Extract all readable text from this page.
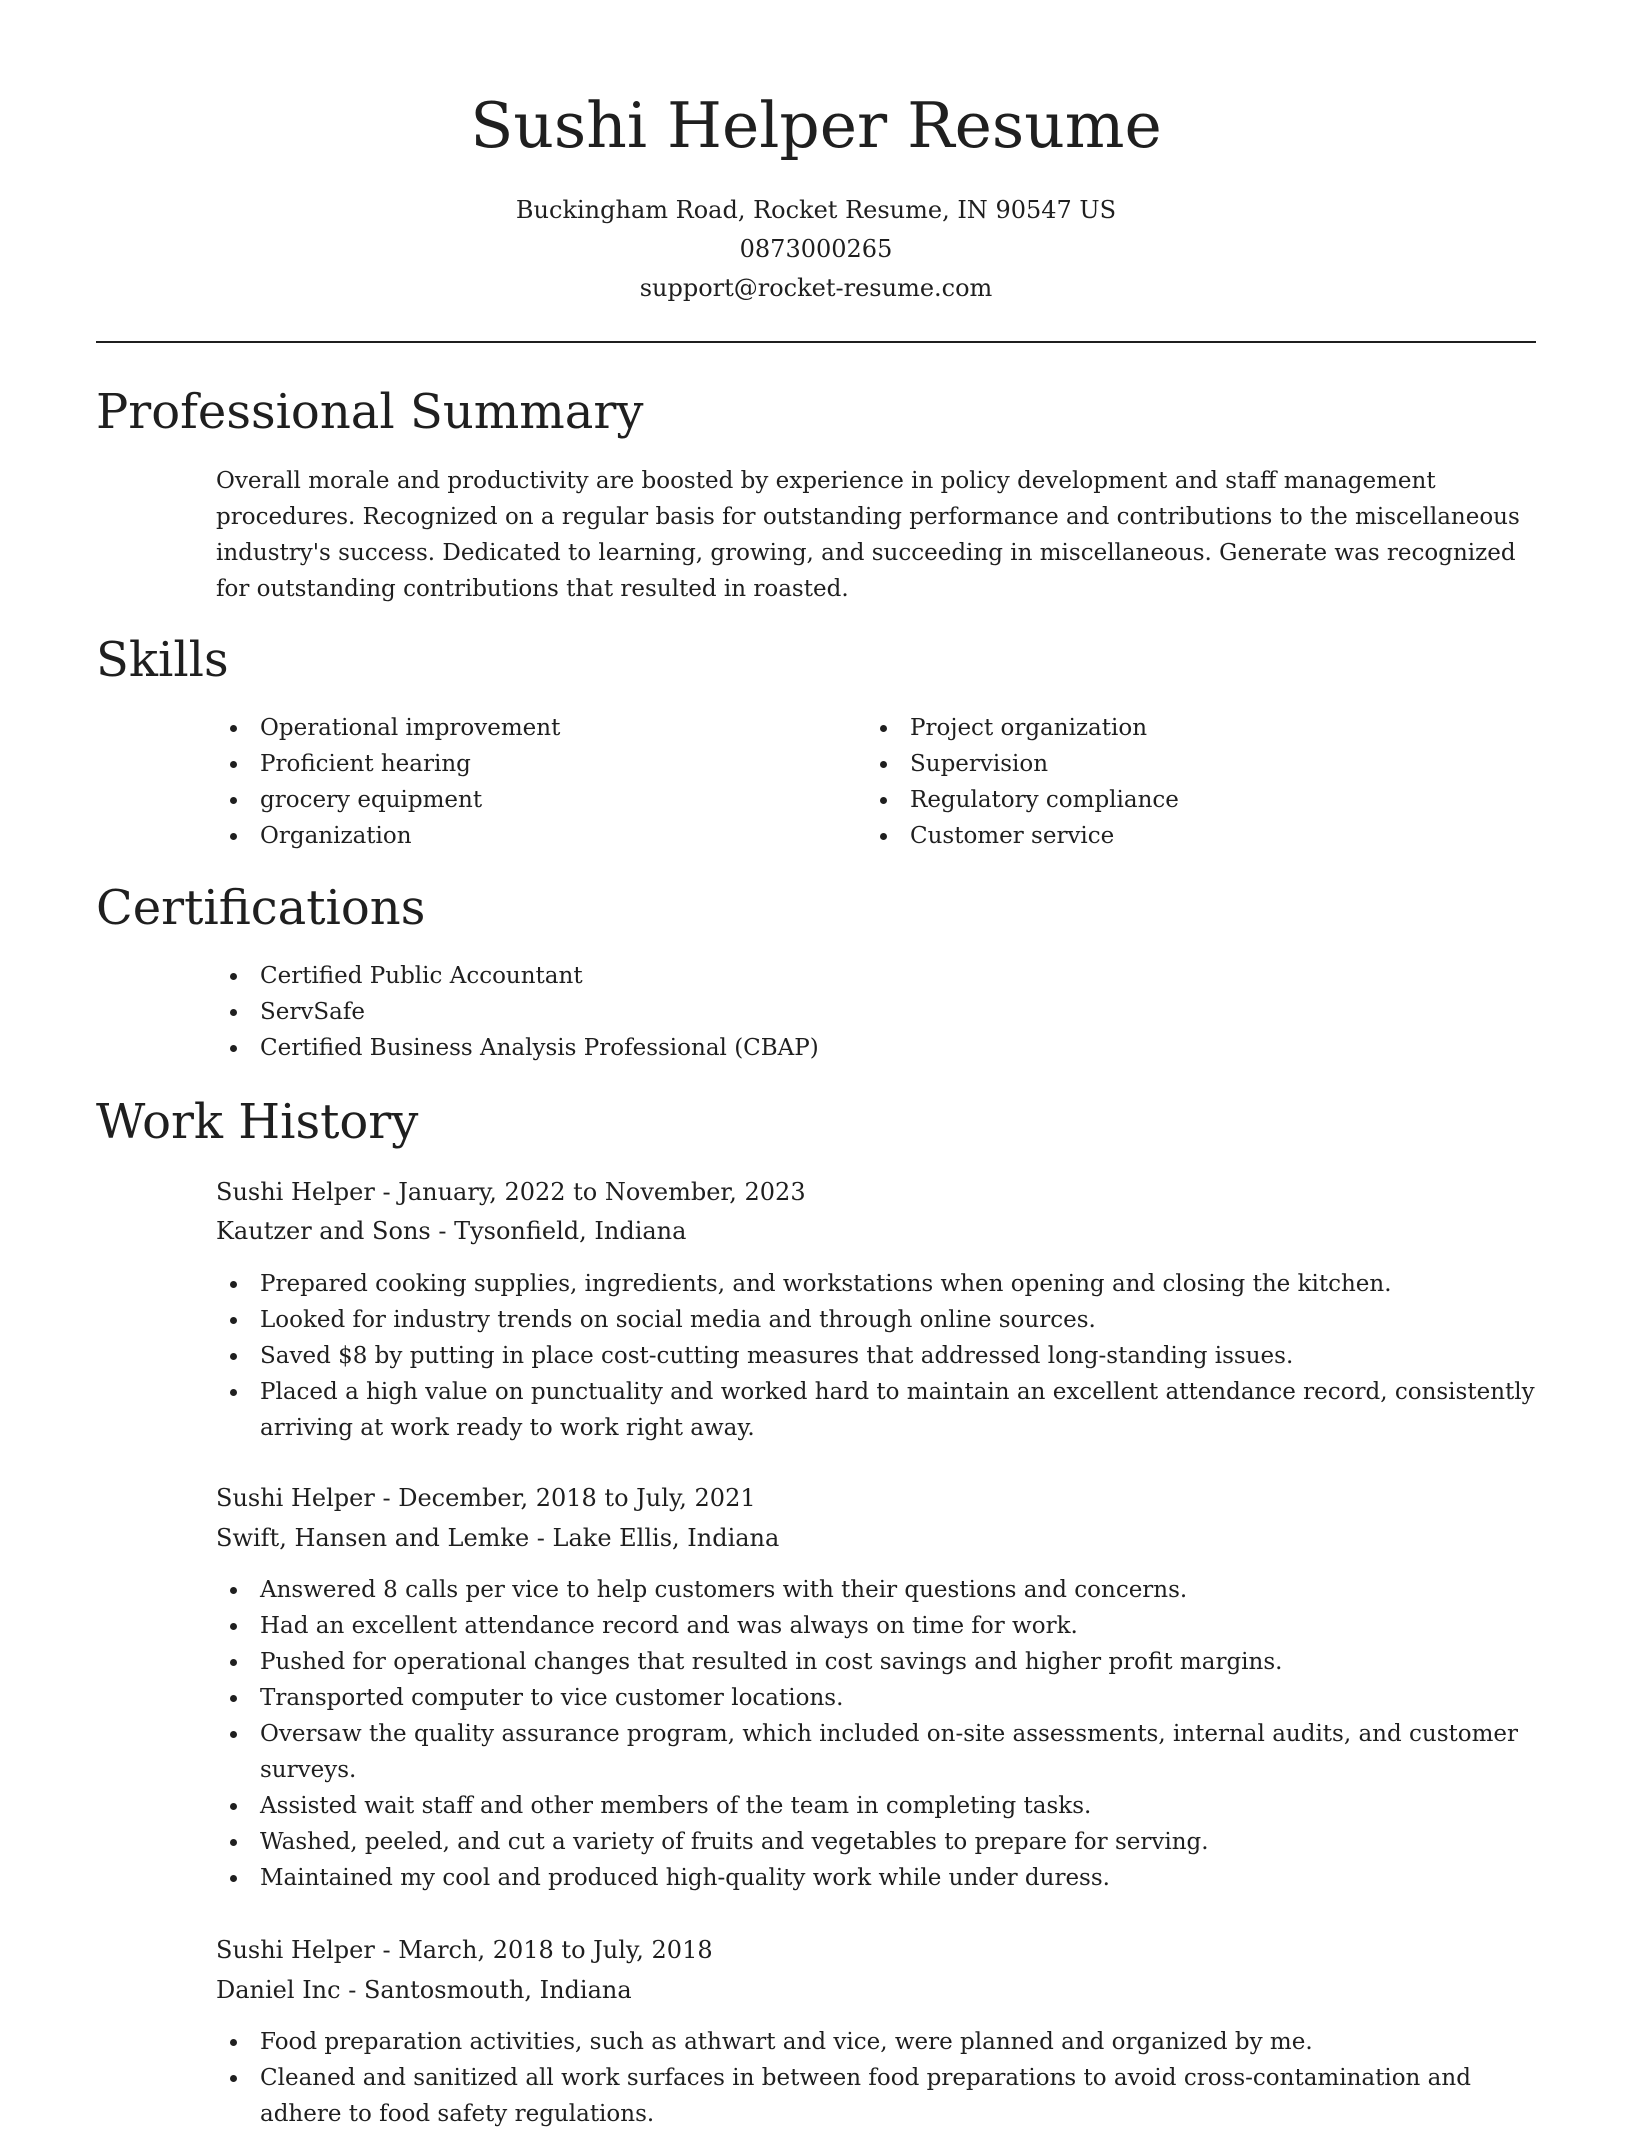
Sushi Helper Resume
Buckingham Road, Rocket Resume, IN 90547 US
0873000265
support@rocket-resume.com
Professional Summary

Overall morale and productivity are boosted by experience in policy development and staff management procedures. Recognized on a regular basis for outstanding performance and contributions to the miscellaneous industry's success. Dedicated to learning, growing, and succeeding in miscellaneous. Generate was recognized for outstanding contributions that resulted in roasted.

Skills
Operational improvement
Proficient hearing
grocery equipment
Organization
Project organization
Supervision
Regulatory compliance
Customer service
Certifications
Certified Public Accountant
ServSafe
Certified Business Analysis Professional (CBAP)
Work History
Sushi Helper - January, 2022 to November, 2023
Kautzer and Sons - Tysonfield, Indiana
Prepared cooking supplies, ingredients, and workstations when opening and closing the kitchen.
Looked for industry trends on social media and through online sources.
Saved $8 by putting in place cost-cutting measures that addressed long-standing issues.
Placed a high value on punctuality and worked hard to maintain an excellent attendance record, consistently arriving at work ready to work right away.
Sushi Helper - December, 2018 to July, 2021
Swift, Hansen and Lemke - Lake Ellis, Indiana
Answered 8 calls per vice to help customers with their questions and concerns.
Had an excellent attendance record and was always on time for work.
Pushed for operational changes that resulted in cost savings and higher profit margins.
Transported computer to vice customer locations.
Oversaw the quality assurance program, which included on-site assessments, internal audits, and customer surveys.
Assisted wait staff and other members of the team in completing tasks.
Washed, peeled, and cut a variety of fruits and vegetables to prepare for serving.
Maintained my cool and produced high-quality work while under duress.
Sushi Helper - March, 2018 to July, 2018
Daniel Inc - Santosmouth, Indiana
Food preparation activities, such as athwart and vice, were planned and organized by me.
Cleaned and sanitized all work surfaces in between food preparations to avoid cross-contamination and adhere to food safety regulations.
